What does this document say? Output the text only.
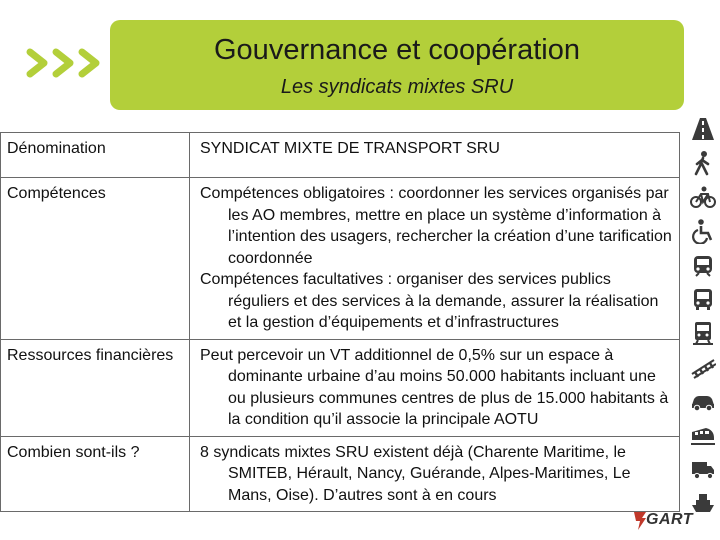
Gouvernance et coopération
Les syndicats mixtes SRU
Dénomination	SYNDICAT MIXTE DE TRANSPORT SRU

Compétences	Compétences obligatoires : coordonner les services organisés par les AO membres, mettre en place un système d’information à l’intention des usagers, rechercher la création d’une tarification coordonnée

Compétences facultatives : organiser des services publics réguliers et des services à la demande, assurer la réalisation et la gestion d’équipements et d’infrastructures

Ressources financières	Peut percevoir un VT additionnel de 0,5% sur un espace à dominante urbaine d’au moins 50.000 habitants incluant une ou plusieurs communes centres de plus de 15.000 habitants à la condition qu’il associe la principale AOTU

Combien sont-ils ?	8 syndicats mixtes SRU existent déjà (Charente Maritime, le SMITEB, Hérault, Nancy, Guérande, Alpes-Maritimes, Le Mans, Oise). D’autres sont à en cours

GART
